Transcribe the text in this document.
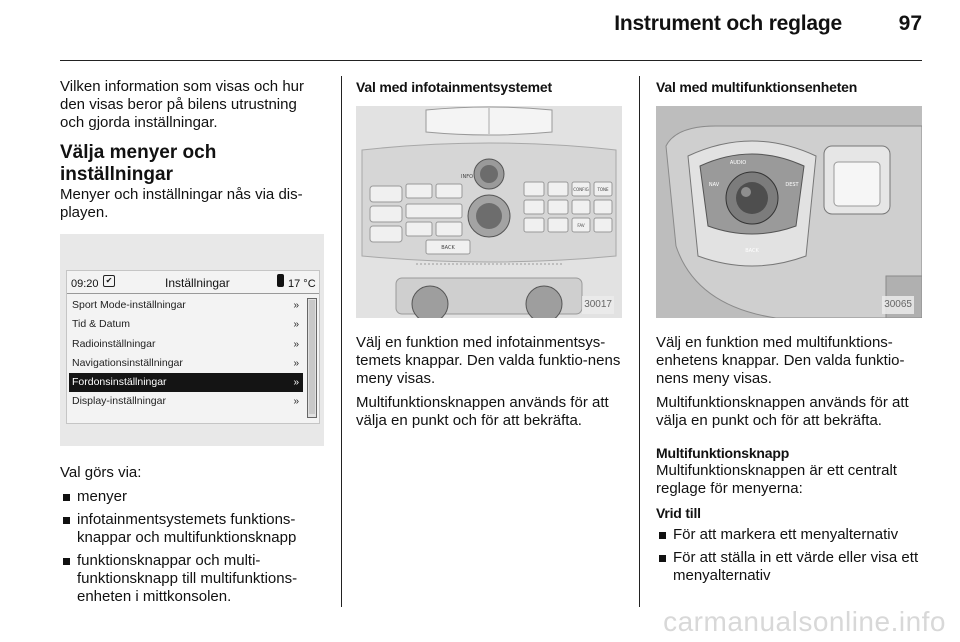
Instrument och reglage	97

Vilken information som visas och hur den visas beror på bilens utrustning och gjorda inställningar.

Välja menyer och inställningar

Menyer och inställningar nås via dis-playen.

09:20 ✔	Inställningar	17 °C
Sport Mode-inställningar	»
Tid & Datum	»
Radioinställningar	»
Navigationsinställningar	»
Fordonsinställningar	»
Display-inställningar	»

Val görs via:

menyer
infotainmentsystemets funktions-knappar och multifunktionsknapp
funktionsknappar och multi-funktionsknapp till multifunktions-enheten i mittkonsolen.
Val med infotainmentsystemet
BACK
INFO
CONFIG TONE
FAV
30017

Välj en funktion med infotainmentsys-temets knappar. Den valda funktio-nens meny visas.

Multifunktionsknappen används för att välja en punkt och för att bekräfta.

Val med multifunktionsenheten
AUDIO
NAV	DEST
BACK
30065

Välj en funktion med multifunktions-enhetens knappar. Den valda funktio-nens meny visas.

Multifunktionsknappen används för att välja en punkt och för att bekräfta.

Multifunktionsknapp

Multifunktionsknappen är ett centralt reglage för menyerna:

Vrid till
För att markera ett menyalternativ
För att ställa in ett värde eller visa ett menyalternativ
carmanualsonline.info
